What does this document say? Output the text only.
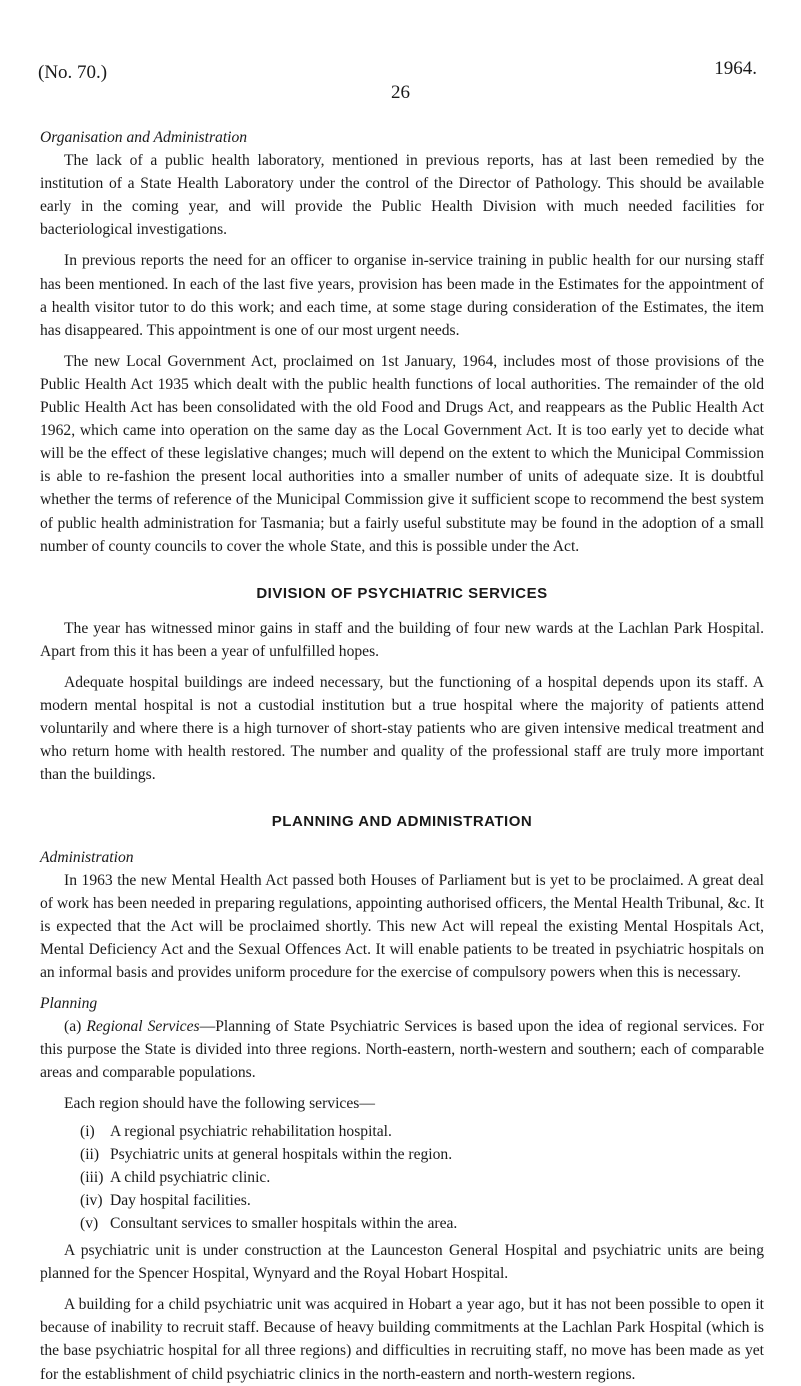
(No. 70.)
26
1964.
Organisation and Administration

The lack of a public health laboratory, mentioned in previous reports, has at last been remedied by the institution of a State Health Laboratory under the control of the Director of Pathology. This should be available early in the coming year, and will provide the Public Health Division with much needed facilities for bacteriological investigations.

In previous reports the need for an officer to organise in-service training in public health for our nursing staff has been mentioned. In each of the last five years, provision has been made in the Estimates for the appointment of a health visitor tutor to do this work; and each time, at some stage during consideration of the Estimates, the item has disappeared. This appointment is one of our most urgent needs.

The new Local Government Act, proclaimed on 1st January, 1964, includes most of those provisions of the Public Health Act 1935 which dealt with the public health functions of local authorities. The remainder of the old Public Health Act has been consolidated with the old Food and Drugs Act, and reappears as the Public Health Act 1962, which came into operation on the same day as the Local Government Act. It is too early yet to decide what will be the effect of these legislative changes; much will depend on the extent to which the Municipal Commission is able to re-fashion the present local authorities into a smaller number of units of adequate size. It is doubtful whether the terms of reference of the Municipal Commission give it sufficient scope to recommend the best system of public health administration for Tasmania; but a fairly useful substitute may be found in the adoption of a small number of county councils to cover the whole State, and this is possible under the Act.

DIVISION OF PSYCHIATRIC SERVICES

The year has witnessed minor gains in staff and the building of four new wards at the Lachlan Park Hospital. Apart from this it has been a year of unfulfilled hopes.

Adequate hospital buildings are indeed necessary, but the functioning of a hospital depends upon its staff. A modern mental hospital is not a custodial institution but a true hospital where the majority of patients attend voluntarily and where there is a high turnover of short-stay patients who are given intensive medical treatment and who return home with health restored. The number and quality of the professional staff are truly more important than the buildings.

PLANNING AND ADMINISTRATION
Administration

In 1963 the new Mental Health Act passed both Houses of Parliament but is yet to be proclaimed. A great deal of work has been needed in preparing regulations, appointing authorised officers, the Mental Health Tribunal, &c. It is expected that the Act will be proclaimed shortly. This new Act will repeal the existing Mental Hospitals Act, Mental Deficiency Act and the Sexual Offences Act. It will enable patients to be treated in psychiatric hospitals on an informal basis and provides uniform procedure for the exercise of compulsory powers when this is necessary.

Planning

(a) Regional Services—Planning of State Psychiatric Services is based upon the idea of regional services. For this purpose the State is divided into three regions. North-eastern, north-western and southern; each of comparable areas and comparable populations.

Each region should have the following services—

(i) A regional psychiatric rehabilitation hospital.
(ii) Psychiatric units at general hospitals within the region.
(iii) A child psychiatric clinic.
(iv) Day hospital facilities.
(v) Consultant services to smaller hospitals within the area.

A psychiatric unit is under construction at the Launceston General Hospital and psychiatric units are being planned for the Spencer Hospital, Wynyard and the Royal Hobart Hospital.

A building for a child psychiatric unit was acquired in Hobart a year ago, but it has not been possible to open it because of inability to recruit staff. Because of heavy building commitments at the Lachlan Park Hospital (which is the base psychiatric hospital for all three regions) and difficulties in recruiting staff, no move has been made as yet for the establishment of child psychiatric clinics in the north-eastern and north-western regions.
